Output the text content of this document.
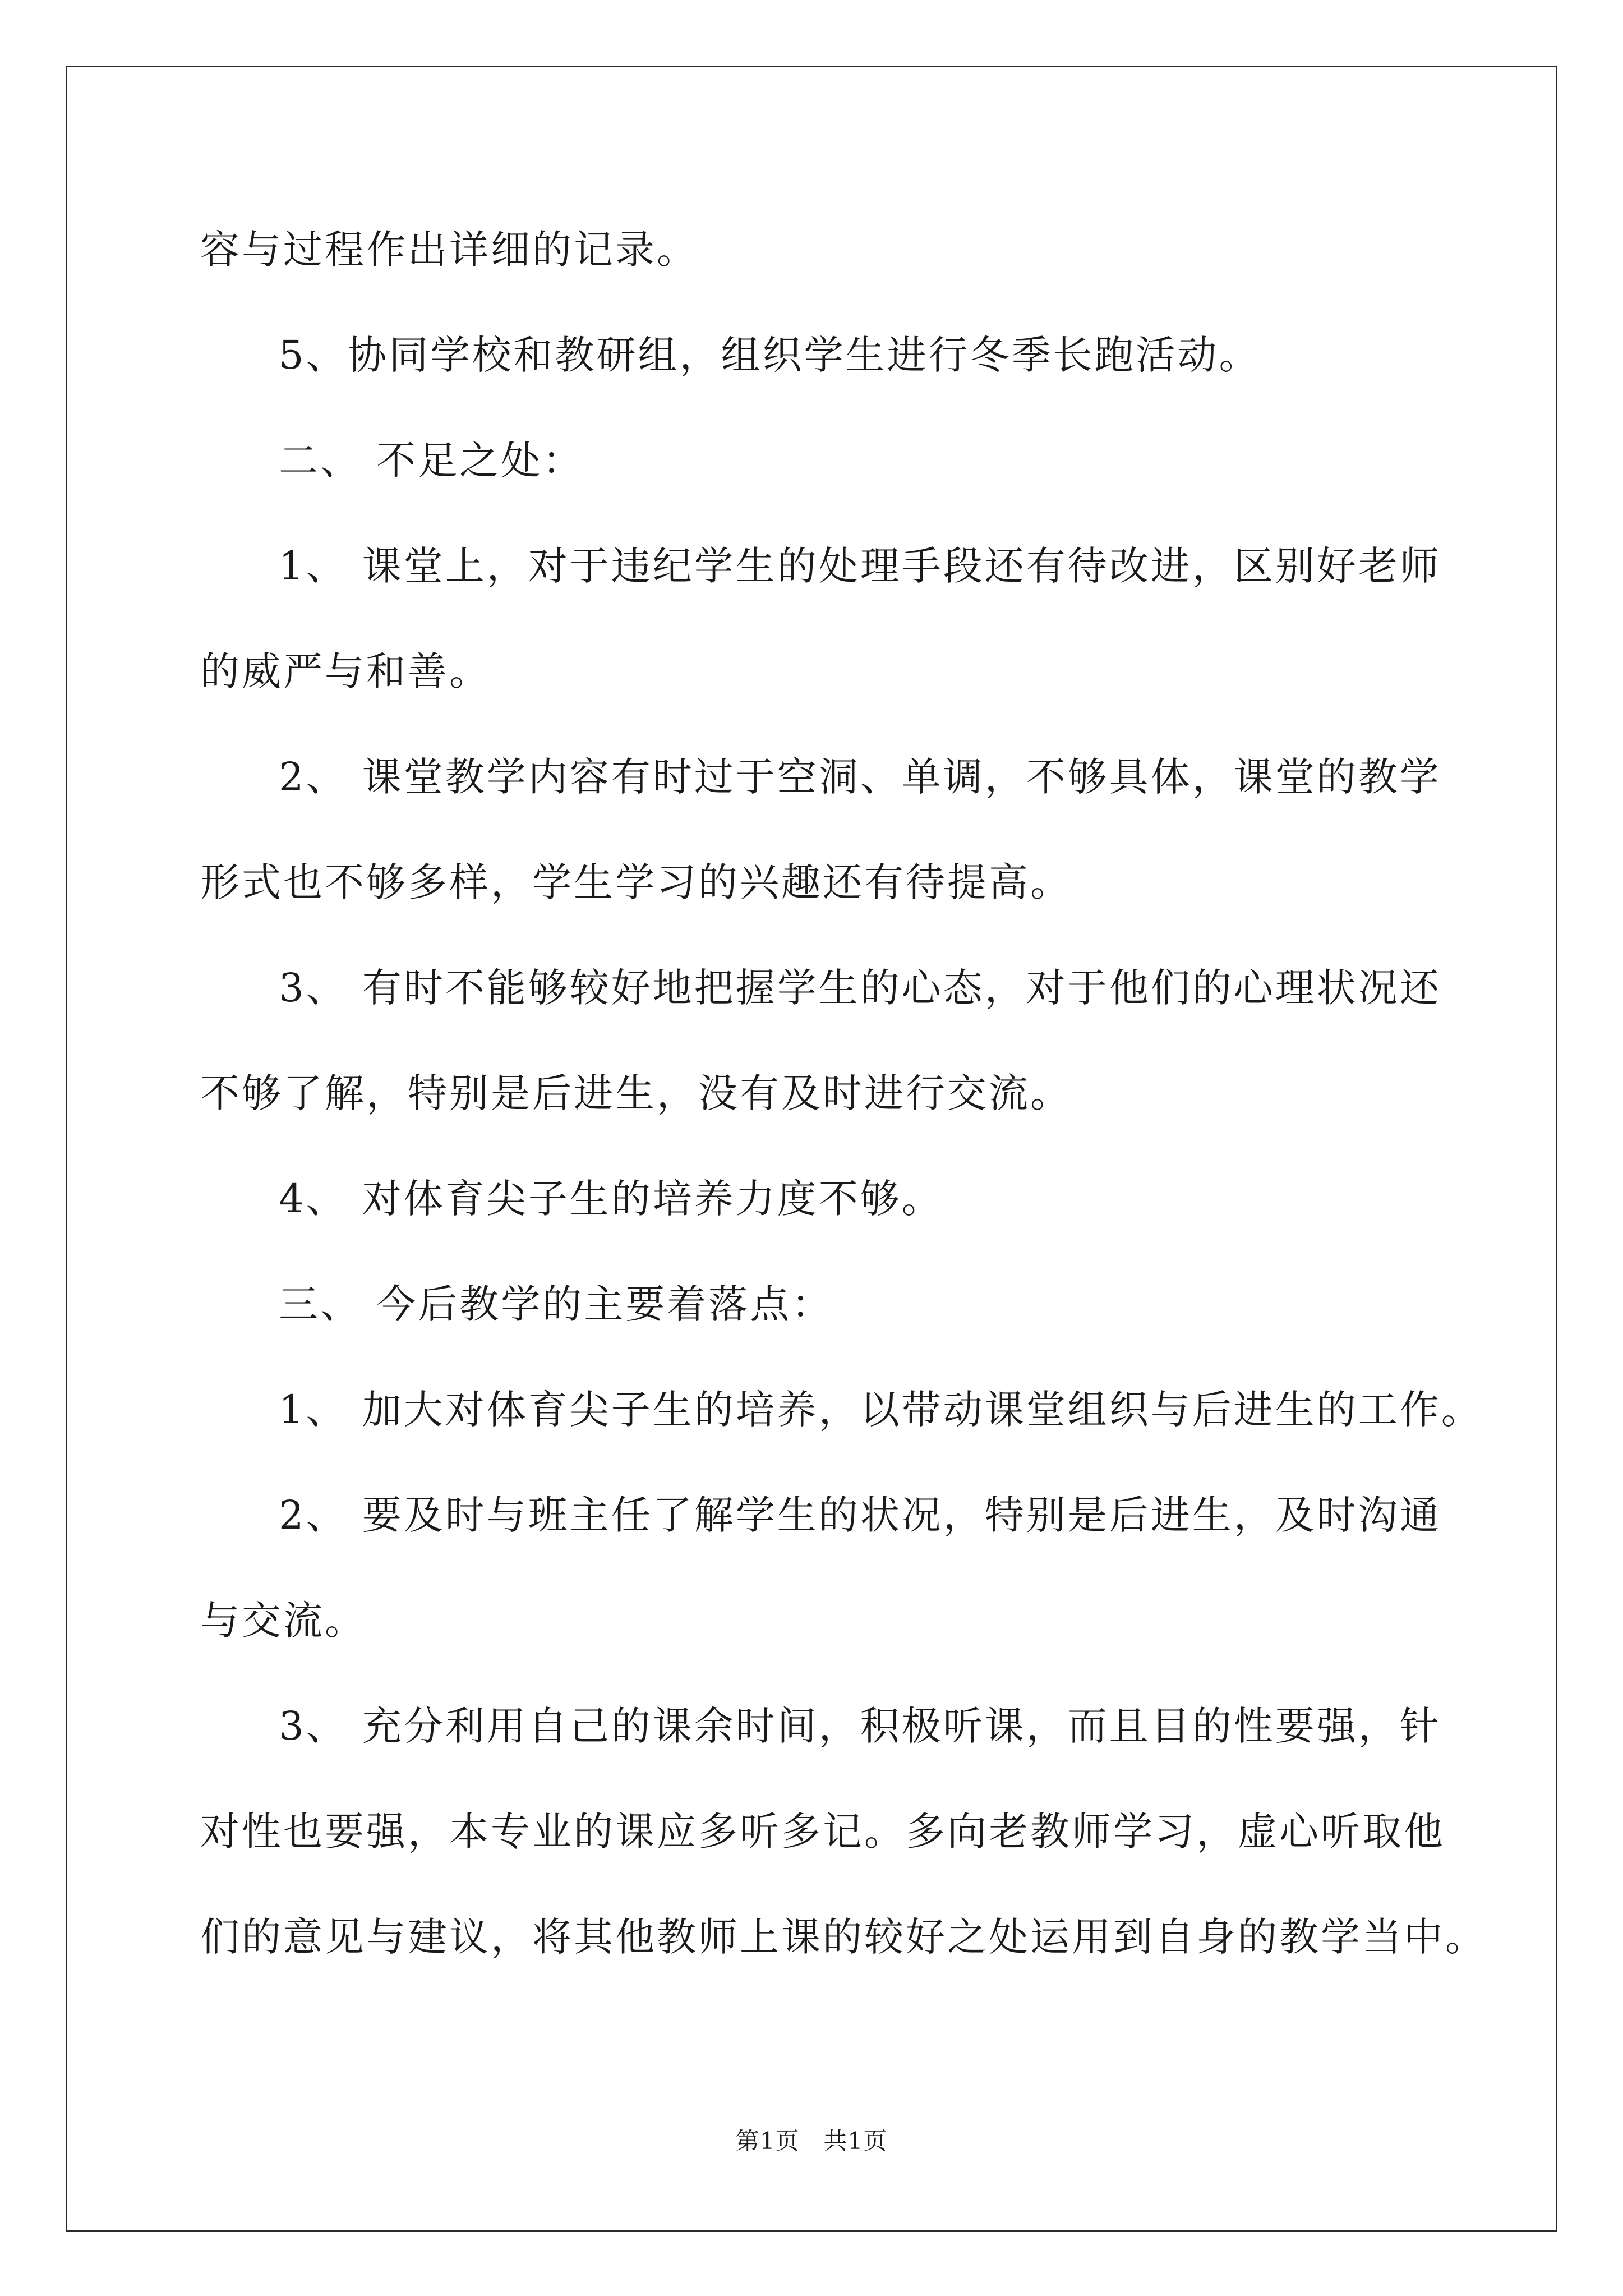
容与过程作出详细的记录。
5、协同学校和教研组，组织学生进行冬季长跑活动。
二、 不足之处：
1、 课堂上，对于违纪学生的处理手段还有待改进，区别好老师
的威严与和善。
2、 课堂教学内容有时过于空洞、单调，不够具体，课堂的教学
形式也不够多样，学生学习的兴趣还有待提高。
3、 有时不能够较好地把握学生的心态，对于他们的心理状况还
不够了解，特别是后进生，没有及时进行交流。
4、 对体育尖子生的培养力度不够。
三、 今后教学的主要着落点：
1、 加大对体育尖子生的培养，以带动课堂组织与后进生的工作。
2、 要及时与班主任了解学生的状况，特别是后进生，及时沟通
与交流。
3、 充分利用自己的课余时间，积极听课，而且目的性要强，针
对性也要强，本专业的课应多听多记。多向老教师学习，虚心听取他
们的意见与建议，将其他教师上课的较好之处运用到自身的教学当中。
第1页 共1页
